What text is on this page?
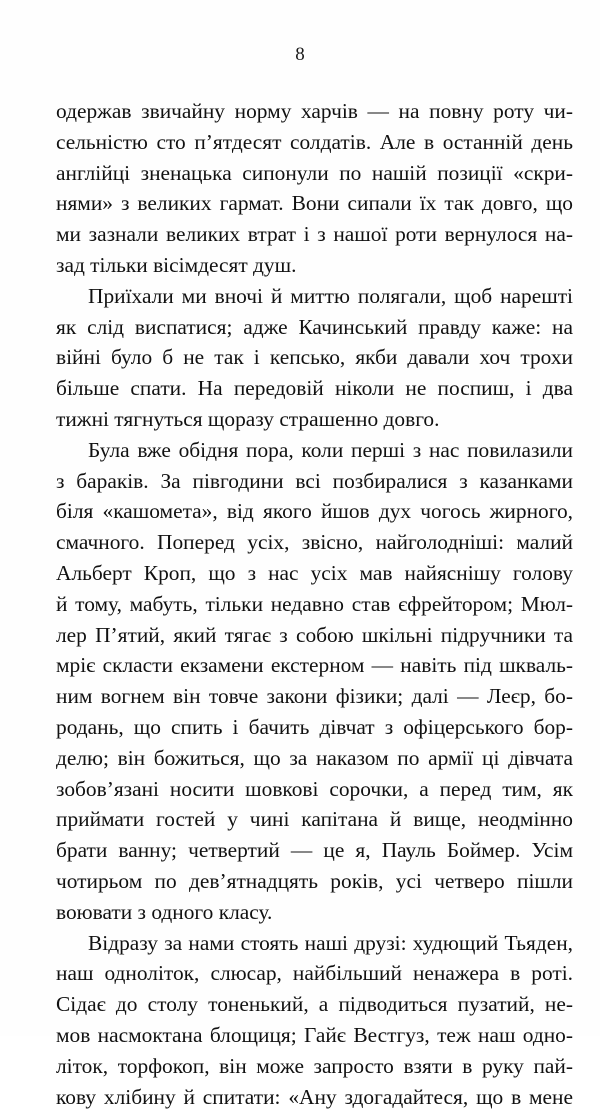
8
одержав звичайну норму харчів — на повну роту чи-
сельністю сто п’ятдесят солдатів. Але в останній день
англійці зненацька сипонули по нашій позиції «скри-
нями» з великих гармат. Вони сипали їх так довго, що
ми зазнали великих втрат і з нашої роти вернулося на-
зад тільки вісімдесят душ.
Приїхали ми вночі й миттю полягали, щоб нарешті
як слід виспатися; адже Качинський правду каже: на
війні було б не так і кепсько, якби давали хоч трохи
більше спати. На передовій ніколи не поспиш, і два
тижні тягнуться щоразу страшенно довго.
Була вже обідня пора, коли перші з нас повилазили
з бараків. За півгодини всі позбиралися з казанками
біля «кашомета», від якого йшов дух чогось жирного,
смачного. Поперед усіх, звісно, найголодніші: малий
Альберт Кроп, що з нас усіх мав найяснішу голову
й тому, мабуть, тільки недавно став єфрейтором; Мюл-
лер П’ятий, який тягає з собою шкільні підручники та
мріє скласти екзамени екстерном — навіть під шкваль-
ним вогнем він товче закони фізики; далі — Леєр, бо-
родань, що спить і бачить дівчат з офіцерського бор-
делю; він божиться, що за наказом по армії ці дівчата
зобов’язані носити шовкові сорочки, а перед тим, як
приймати гостей у чині капітана й вище, неодмінно
брати ванну; четвертий — це я, Пауль Боймер. Усім
чотирьом по дев’ятнадцять років, усі четверо пішли
воювати з одного класу.
Відразу за нами стоять наші друзі: худющий Тьяден,
наш одноліток, слюсар, найбільший ненажера в роті.
Сідає до столу тоненький, а підводиться пузатий, не-
мов насмоктана блощиця; Гайє Вестгуз, теж наш одно-
літок, торфокоп, він може запросто взяти в руку пай-
кову хлібину й спитати: «Ану здогадайтеся, що в мене
